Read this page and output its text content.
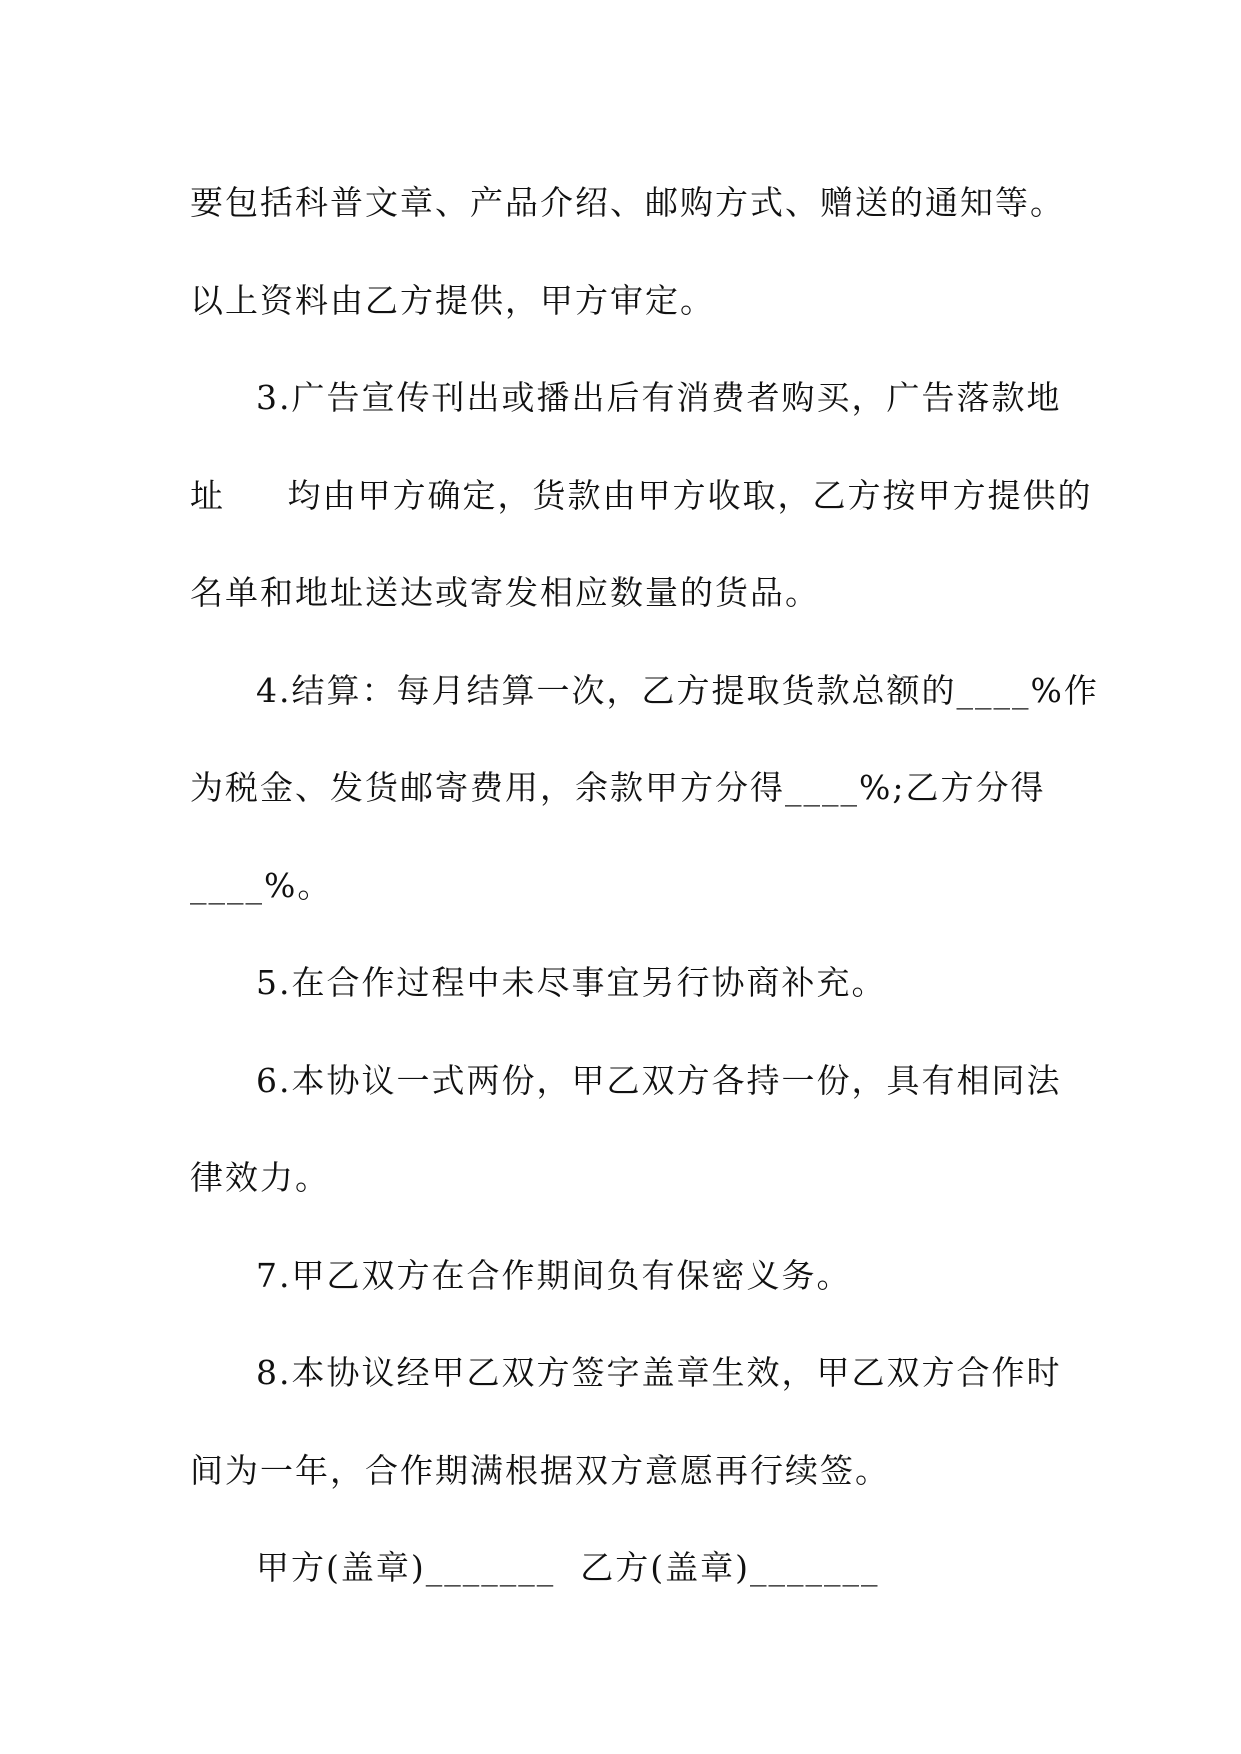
要包括科普文章、产品介绍、邮购方式、赠送的通知等。
以上资料由乙方提供，甲方审定。
3.广告宣传刊出或播出后有消费者购买，广告落款地
址     均由甲方确定，货款由甲方收取，乙方按甲方提供的
名单和地址送达或寄发相应数量的货品。
4.结算：每月结算一次，乙方提取货款总额的____%作
为税金、发货邮寄费用，余款甲方分得____%;乙方分得
____%。
5.在合作过程中未尽事宜另行协商补充。
6.本协议一式两份，甲乙双方各持一份，具有相同法
律效力。
7.甲乙双方在合作期间负有保密义务。
8.本协议经甲乙双方签字盖章生效，甲乙双方合作时
间为一年，合作期满根据双方意愿再行续签。
甲方(盖章)_______  乙方(盖章)_______
